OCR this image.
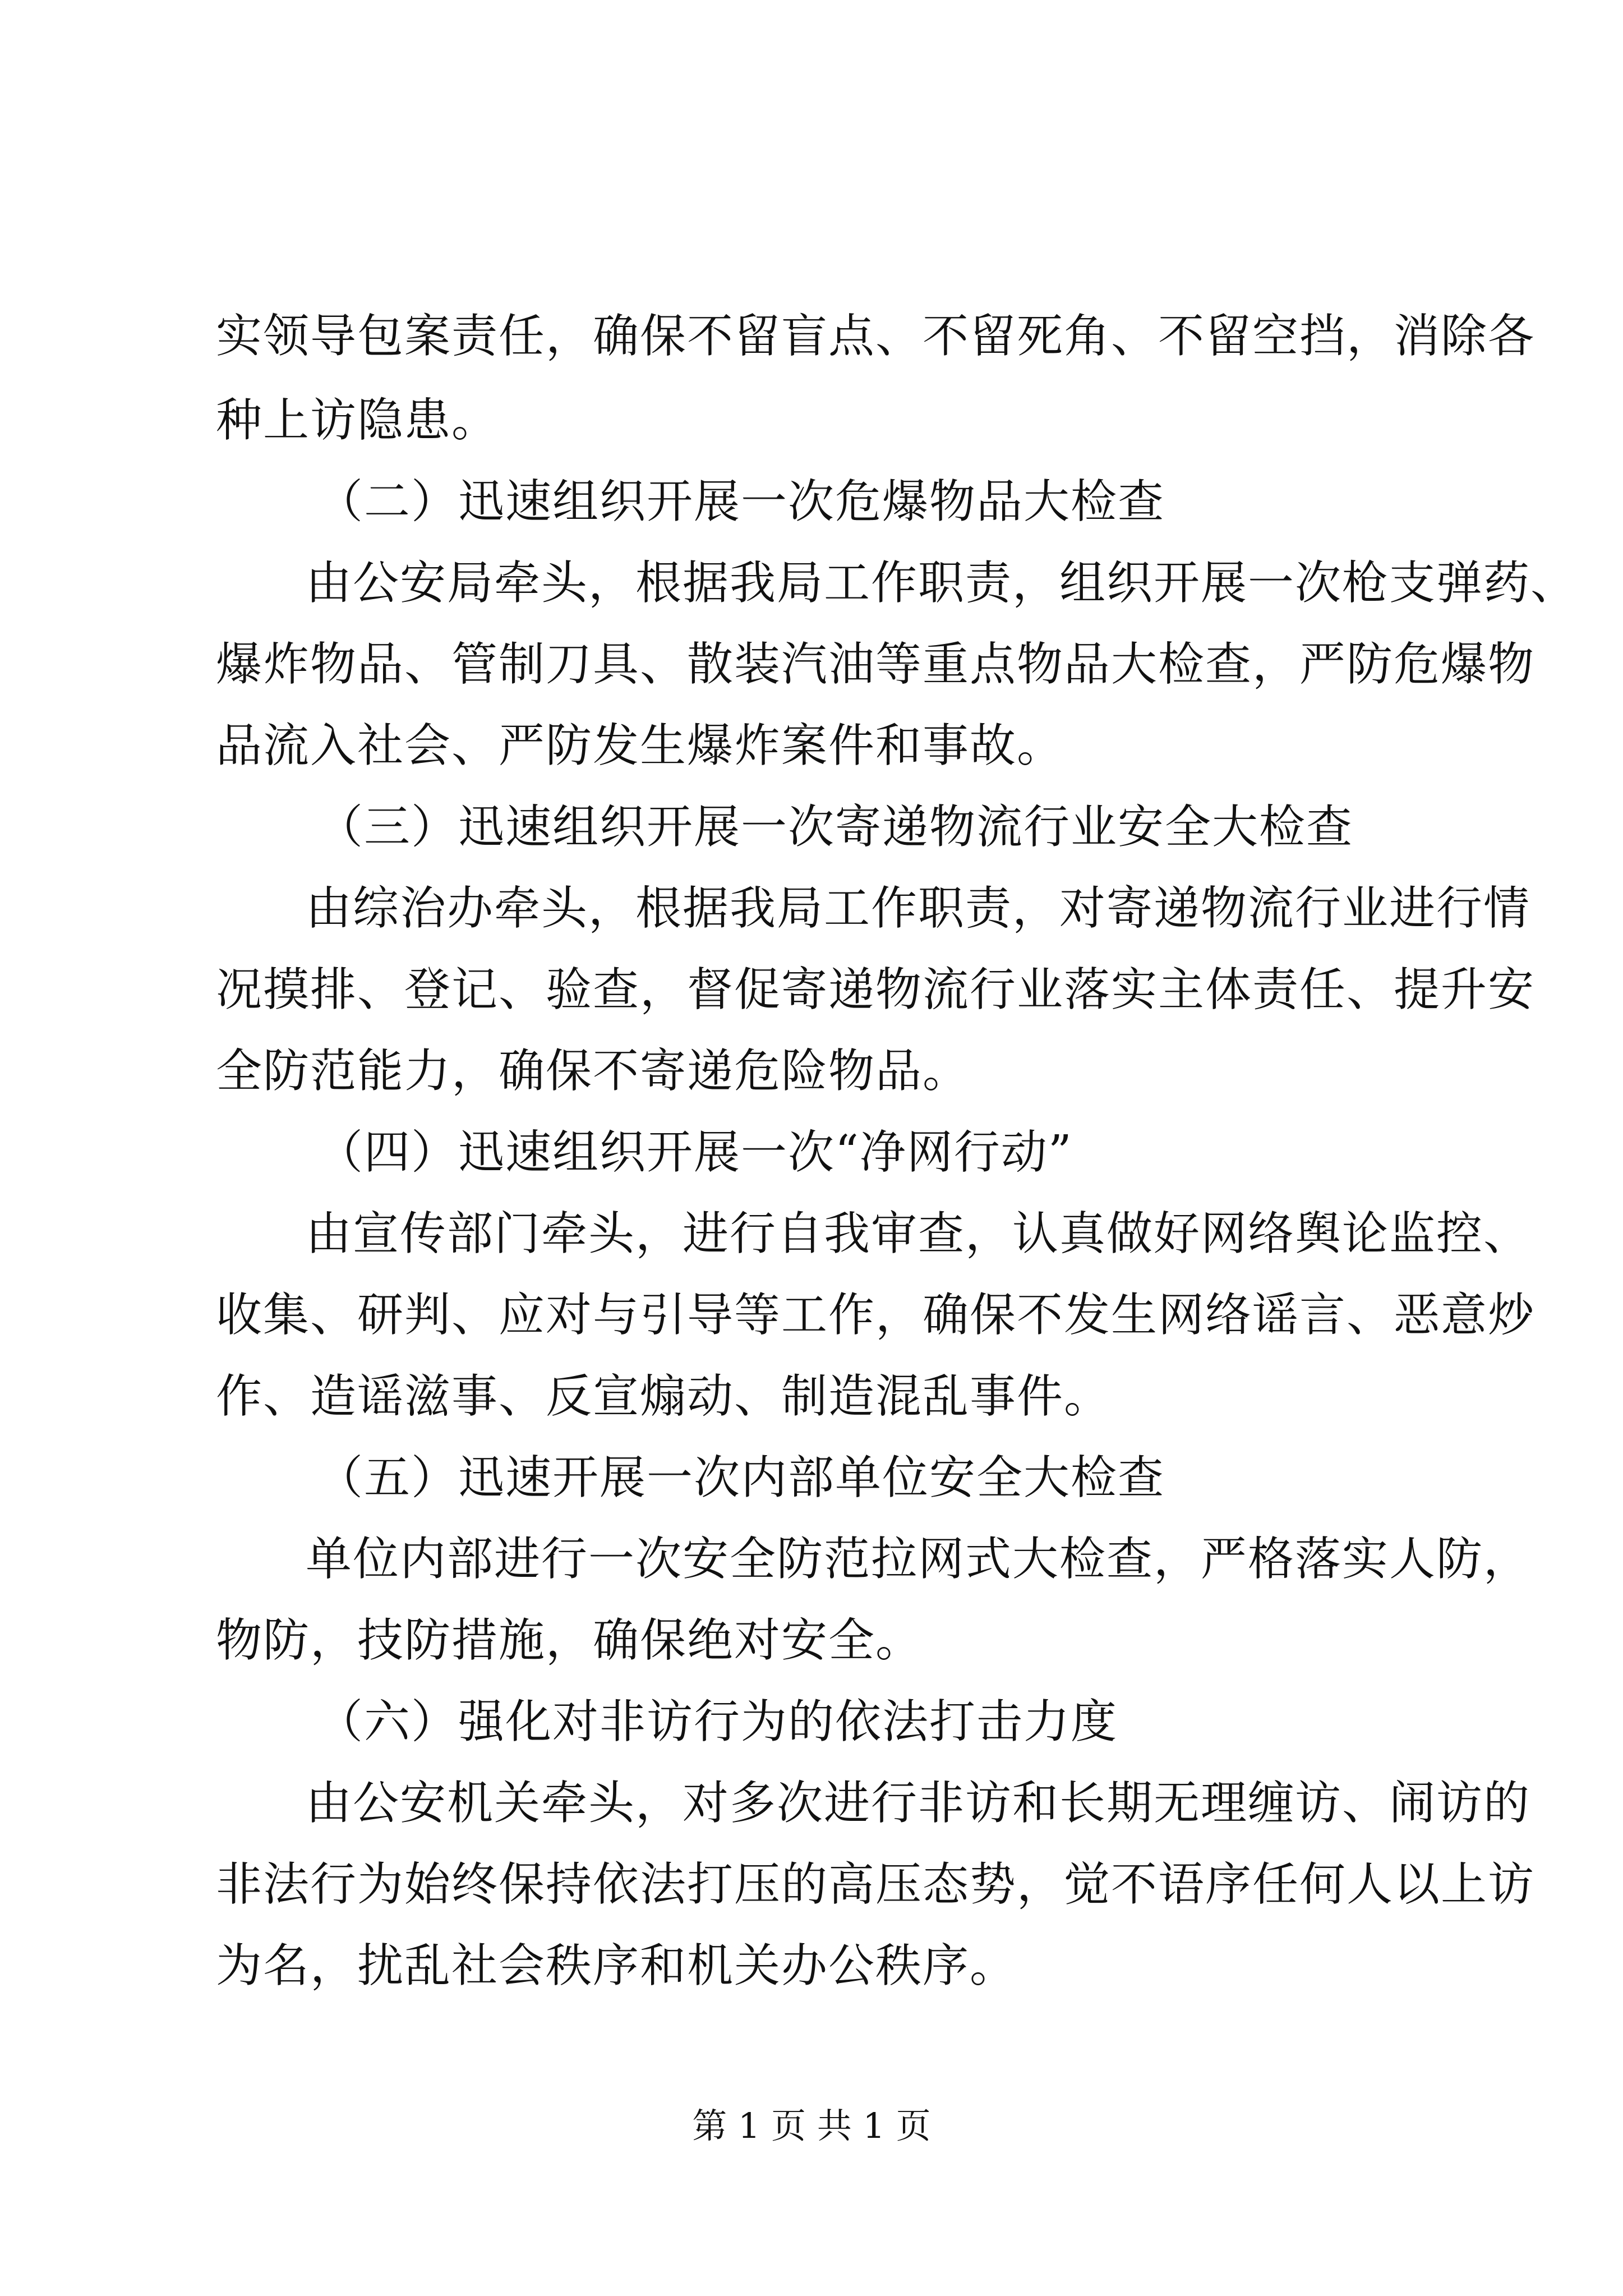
实领导包案责任，确保不留盲点、不留死角、不留空挡，消除各
种上访隐患。
（二）迅速组织开展一次危爆物品大检查
由公安局牵头，根据我局工作职责，组织开展一次枪支弹药、
爆炸物品、管制刀具、散装汽油等重点物品大检查，严防危爆物
品流入社会、严防发生爆炸案件和事故。
（三）迅速组织开展一次寄递物流行业安全大检查
由综治办牵头，根据我局工作职责，对寄递物流行业进行情
况摸排、登记、验查，督促寄递物流行业落实主体责任、提升安
全防范能力，确保不寄递危险物品。
（四）迅速组织开展一次“净网行动”
由宣传部门牵头，进行自我审查，认真做好网络舆论监控、
收集、研判、应对与引导等工作，确保不发生网络谣言、恶意炒
作、造谣滋事、反宣煽动、制造混乱事件。
（五）迅速开展一次内部单位安全大检查
单位内部进行一次安全防范拉网式大检查，严格落实人防，
物防，技防措施，确保绝对安全。
（六）强化对非访行为的依法打击力度
由公安机关牵头，对多次进行非访和长期无理缠访、闹访的
非法行为始终保持依法打压的高压态势，觉不语序任何人以上访
为名，扰乱社会秩序和机关办公秩序。
第 1 页 共 1 页
